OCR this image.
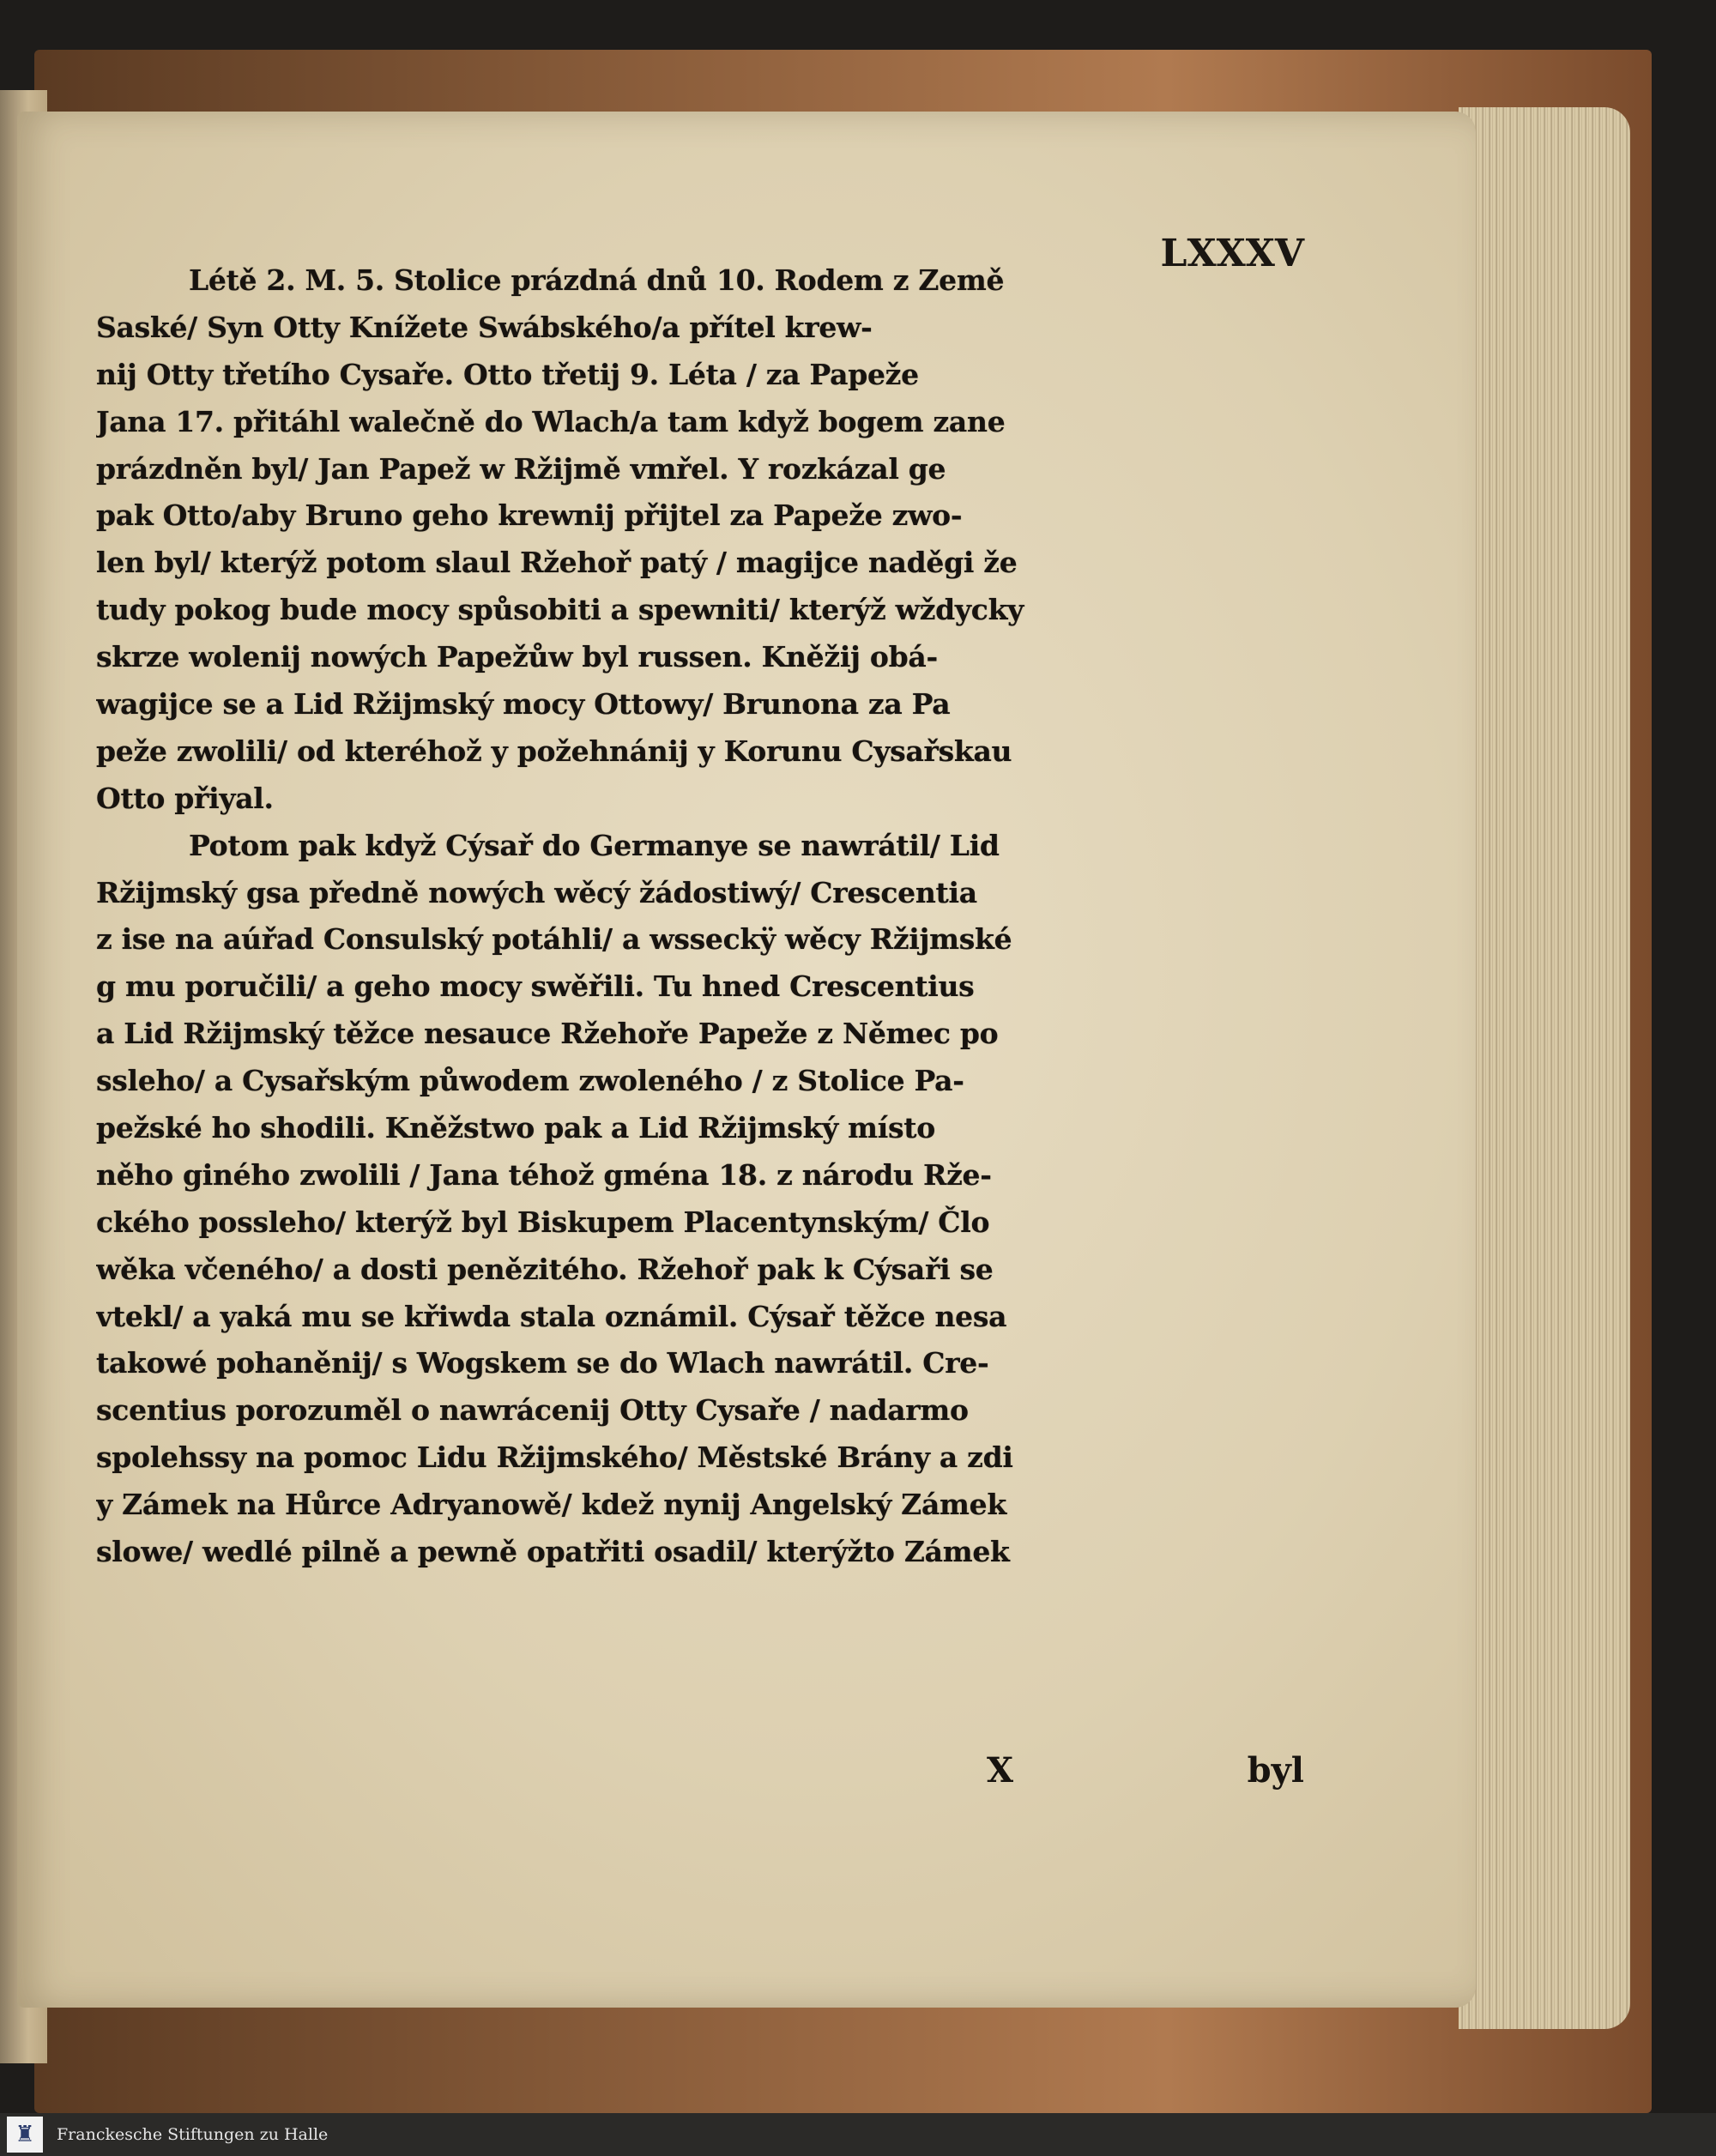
LXXXV
Létě 2. M. 5. Stolice prázdná dnů 10. Rodem z Země
Saské/ Syn Otty Knížete Swábského/a přítel krew-
nij Otty třetího Cysaře. Otto třetij 9. Léta / za Papeže
Jana 17. přitáhl walečně do Wlach/a tam když bogem zane
prázdněn byl/ Jan Papež w Ržijmě vmřel. Y rozkázal ge
pak Otto/aby Bruno geho krewnij přijtel za Papeže zwo-
len byl/ kterýž potom slaul Ržehoř patý / magijce naděgi že
tudy pokog bude mocy spůsobiti a spewniti/ kterýž wždycky
skrze wolenij nowých Papežůw byl russen. Kněžij obá-
wagijce se a Lid Ržijmský mocy Ottowy/ Brunona za Pa
peže zwolili/ od kteréhož y požehnánij y Korunu Cysařskau
Otto přiyal.
Potom pak když Cýsař do Germanye se nawrátil/ Lid
Ržijmský gsa předně nowých wěcý žádostiwý/ Crescentia
z ise na aúřad Consulský potáhli/ a wsseckÿ wěcy Ržijmské
g mu poručili/ a geho mocy swěřili. Tu hned Crescentius
a Lid Ržijmský těžce nesauce Ržehoře Papeže z Němec po
ssleho/ a Cysařským půwodem zwoleného / z Stolice Pa-
pežské ho shodili. Kněžstwo pak a Lid Ržijmský místo
něho giného zwolili / Jana téhož gména 18. z národu Rže-
ckého possleho/ kterýž byl Biskupem Placentynským/ Člo
wěka včeného/ a dosti penězitého. Ržehoř pak k Cýsaři se
vtekl/ a yaká mu se křiwda stala oznámil. Cýsař těžce nesa
takowé pohaněnij/ s Wogskem se do Wlach nawrátil. Cre-
scentius porozuměl o nawrácenij Otty Cysaře / nadarmo
spolehssy na pomoc Lidu Ržijmského/ Městské Brány a zdi
y Zámek na Hůrce Adryanowě/ kdež nynij Angelský Zámek
slowe/ wedlé pilně a pewně opatřiti osadil/ kterýžto Zámek
X	byl
♜ Franckesche Stiftungen zu Halle
